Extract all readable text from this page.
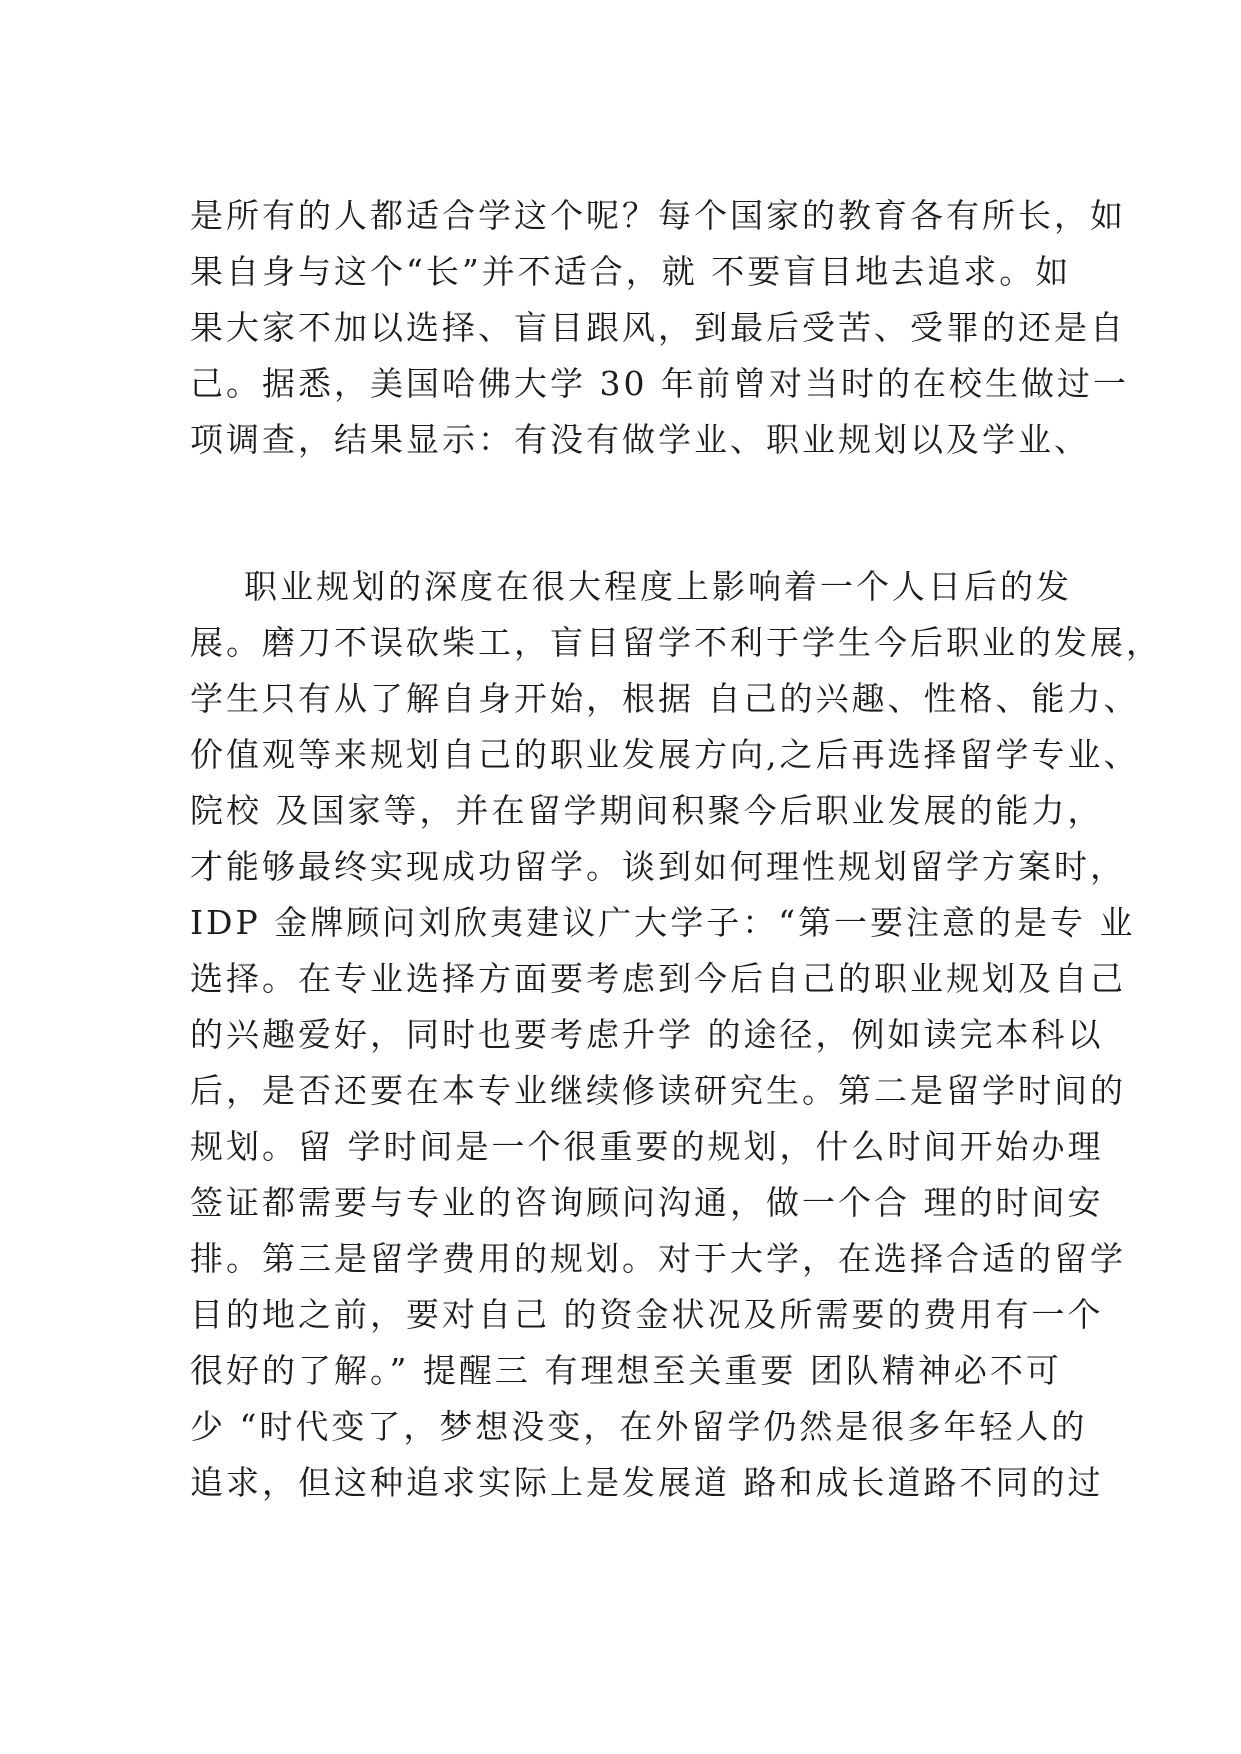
是所有的人都适合学这个呢？每个国家的教育各有所长，如
果自身与这个“长”并不适合，就 不要盲目地去追求。如
果大家不加以选择、盲目跟风，到最后受苦、受罪的还是自
己。据悉，美国哈佛大学 30 年前曾对当时的在校生做过一
项调查，结果显示：有没有做学业、职业规划以及学业、
职业规划的深度在很大程度上影响着一个人日后的发
展。磨刀不误砍柴工，盲目留学不利于学生今后职业的发展，
学生只有从了解自身开始，根据 自己的兴趣、性格、能力、
价值观等来规划自己的职业发展方向,之后再选择留学专业、
院校 及国家等，并在留学期间积聚今后职业发展的能力，
才能够最终实现成功留学。谈到如何理性规划留学方案时，
IDP 金牌顾问刘欣夷建议广大学子：“第一要注意的是专 业
选择。在专业选择方面要考虑到今后自己的职业规划及自己
的兴趣爱好，同时也要考虑升学 的途径，例如读完本科以
后，是否还要在本专业继续修读研究生。第二是留学时间的
规划。留 学时间是一个很重要的规划，什么时间开始办理
签证都需要与专业的咨询顾问沟通，做一个合 理的时间安
排。第三是留学费用的规划。对于大学，在选择合适的留学
目的地之前，要对自己 的资金状况及所需要的费用有一个
很好的了解。” 提醒三 有理想至关重要 团队精神必不可
少 “时代变了，梦想没变，在外留学仍然是很多年轻人的
追求，但这种追求实际上是发展道 路和成长道路不同的过
